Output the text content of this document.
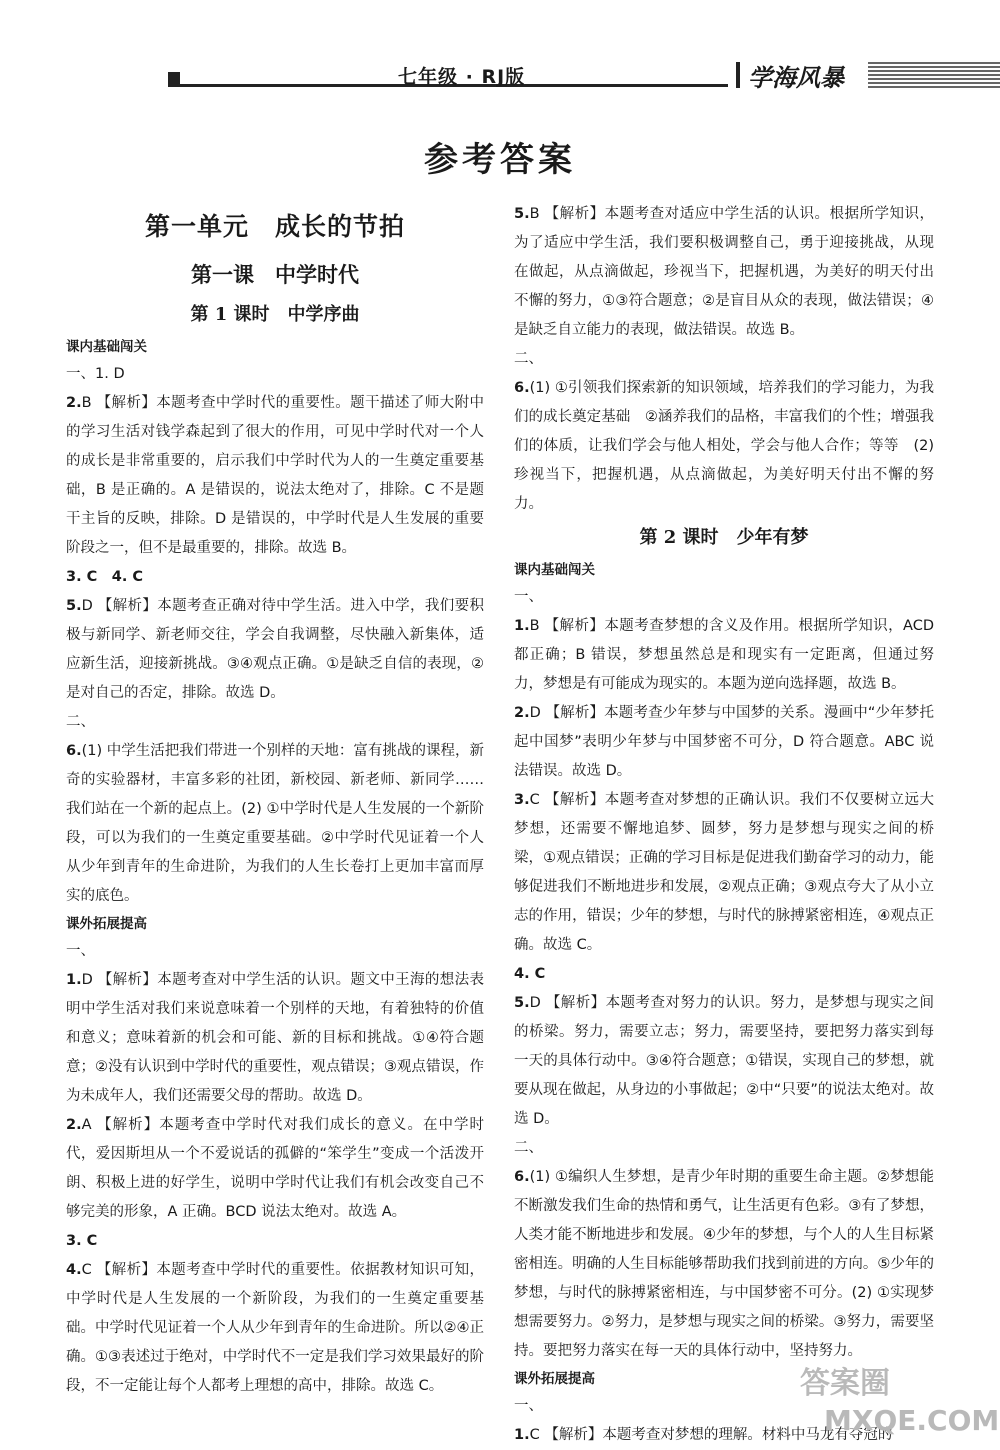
七年级 · RJ版	学海风暴
参考答案
第一单元　成长的节拍
第一课　中学时代
第 1 课时　中学序曲
课内基础闯关

一、1. D

2.B 【解析】本题考查中学时代的重要性。题干描述了师大附中的学习生活对钱学森起到了很大的作用，可见中学时代对一个人的成长是非常重要的，启示我们中学时代为人的一生奠定重要基础，B 是正确的。A 是错误的，说法太绝对了，排除。C 不是题干主旨的反映，排除。D 是错误的，中学时代是人生发展的重要阶段之一，但不是最重要的，排除。故选 B。

3. C　4. C

5.D 【解析】本题考查正确对待中学生活。进入中学，我们要积极与新同学、新老师交往，学会自我调整，尽快融入新集体，适应新生活，迎接新挑战。③④观点正确。①是缺乏自信的表现，②是对自己的否定，排除。故选 D。

二、

6.(1) 中学生活把我们带进一个别样的天地：富有挑战的课程，新奇的实验器材，丰富多彩的社团，新校园、新老师、新同学……我们站在一个新的起点上。(2) ①中学时代是人生发展的一个新阶段，可以为我们的一生奠定重要基础。②中学时代见证着一个人从少年到青年的生命进阶，为我们的人生长卷打上更加丰富而厚实的底色。

课外拓展提高

一、

1.D 【解析】本题考查对中学生活的认识。题文中王海的想法表明中学生活对我们来说意味着一个别样的天地，有着独特的价值和意义；意味着新的机会和可能、新的目标和挑战。①④符合题意；②没有认识到中学时代的重要性，观点错误；③观点错误，作为未成年人，我们还需要父母的帮助。故选 D。

2.A 【解析】本题考查中学时代对我们成长的意义。在中学时代，爱因斯坦从一个不爱说话的孤僻的“笨学生”变成一个活泼开朗、积极上进的好学生，说明中学时代让我们有机会改变自己不够完美的形象，A 正确。BCD 说法太绝对。故选 A。

3. C

4.C 【解析】本题考查中学时代的重要性。依据教材知识可知，中学时代是人生发展的一个新阶段，为我们的一生奠定重要基础。中学时代见证着一个人从少年到青年的生命进阶。所以②④正确。①③表述过于绝对，中学时代不一定是我们学习效果最好的阶段，不一定能让每个人都考上理想的高中，排除。故选 C。

5.B 【解析】本题考查对适应中学生活的认识。根据所学知识，为了适应中学生活，我们要积极调整自己，勇于迎接挑战，从现在做起，从点滴做起，珍视当下，把握机遇，为美好的明天付出不懈的努力，①③符合题意；②是盲目从众的表现，做法错误；④是缺乏自立能力的表现，做法错误。故选 B。

二、

6.(1) ①引领我们探索新的知识领域，培养我们的学习能力，为我们的成长奠定基础　②涵养我们的品格，丰富我们的个性；增强我们的体质，让我们学会与他人相处，学会与他人合作；等等　(2) 珍视当下，把握机遇，从点滴做起，为美好明天付出不懈的努力。

第 2 课时　少年有梦
课内基础闯关

一、

1.B 【解析】本题考查梦想的含义及作用。根据所学知识，ACD 都正确；B 错误，梦想虽然总是和现实有一定距离，但通过努力，梦想是有可能成为现实的。本题为逆向选择题，故选 B。

2.D 【解析】本题考查少年梦与中国梦的关系。漫画中“少年梦托起中国梦”表明少年梦与中国梦密不可分，D 符合题意。ABC 说法错误。故选 D。

3.C 【解析】本题考查对梦想的正确认识。我们不仅要树立远大梦想，还需要不懈地追梦、圆梦，努力是梦想与现实之间的桥梁，①观点错误；正确的学习目标是促进我们勤奋学习的动力，能够促进我们不断地进步和发展，②观点正确；③观点夸大了从小立志的作用，错误；少年的梦想，与时代的脉搏紧密相连，④观点正确。故选 C。

4. C

5.D 【解析】本题考查对努力的认识。努力，是梦想与现实之间的桥梁。努力，需要立志；努力，需要坚持，要把努力落实到每一天的具体行动中。③④符合题意；①错误，实现自己的梦想，就要从现在做起，从身边的小事做起；②中“只要”的说法太绝对。故选 D。

二、

6.(1) ①编织人生梦想，是青少年时期的重要生命主题。②梦想能不断激发我们生命的热情和勇气，让生活更有色彩。③有了梦想，人类才能不断地进步和发展。④少年的梦想，与个人的人生目标紧密相连。明确的人生目标能够帮助我们找到前进的方向。⑤少年的梦想，与时代的脉搏紧密相连，与中国梦密不可分。(2) ①实现梦想需要努力。②努力，是梦想与现实之间的桥梁。③努力，需要坚持。要把努力落实在每一天的具体行动中，坚持努力。

课外拓展提高

一、

1.C 【解析】本题考查对梦想的理解。材料中马龙有夺冠的

答案圈
MXQE.COM
